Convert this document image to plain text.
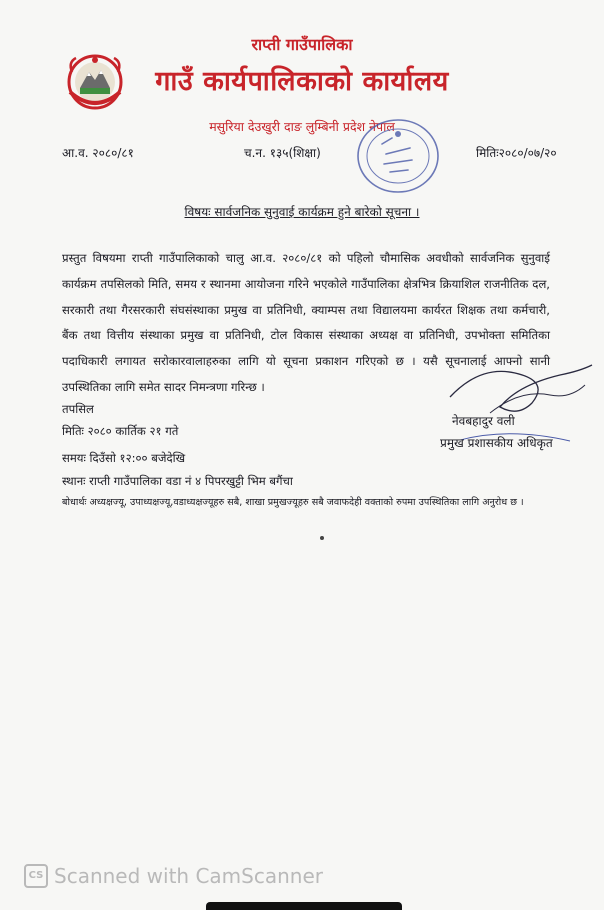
राप्ती गाउँपालिका
गाउँ कार्यपालिकाको कार्यालय
मसुरिया देउखुरी दाङ लुम्बिनी प्रदेश नेपाल
आ.व. २०८०/८१	च.न. १३५(शिक्षा)	मितिः२०८०/०७/२०
विषयः सार्वजनिक सुनुवाई कार्यक्रम हुने बारेको सूचना ।
प्रस्तुत विषयमा राप्ती गाउँपालिकाको चालु आ.व. २०८०/८१ को पहिलो चौमासिक अवधीको सार्वजनिक सुनुवाई कार्यक्रम तपसिलको मिति, समय र स्थानमा आयोजना गरिने भएकोले गाउँपालिका क्षेत्रभित्र क्रियाशिल राजनीतिक दल, सरकारी तथा गैरसरकारी संघसंस्थाका प्रमुख वा प्रतिनिधी, क्याम्पस तथा विद्यालयमा कार्यरत शिक्षक तथा कर्मचारी, बैंक तथा वित्तीय संस्थाका प्रमुख वा प्रतिनिधी, टोल विकास संस्थाका अध्यक्ष वा प्रतिनिधी, उपभोक्ता समितिका पदाधिकारी लगायत सरोकारवालाहरुका लागि यो सूचना प्रकाशन गरिएको छ । यसै सूचनालाई आफ्नो सानी उपस्थितिका लागि समेत सादर निमन्त्रणा गरिन्छ ।
तपसिल
मितिः २०८० कार्तिक २१ गते
समयः दिउँसो १२:०० बजेदेखि
स्थानः राप्ती गाउँपालिका वडा नं ४ पिपरखुट्टी भिम बगैंचा
नेवबहादुर वली
प्रमुख प्रशासकीय अधिकृत
बोधार्थः अध्यक्षज्यू, उपाध्यक्षज्यू,वडाध्यक्षज्यूहरु सबै, शाखा प्रमुखज्यूहरु सबै जवाफदेही वक्ताको रुपमा उपस्थितिका लागि अनुरोध छ ।
CS Scanned with CamScanner
